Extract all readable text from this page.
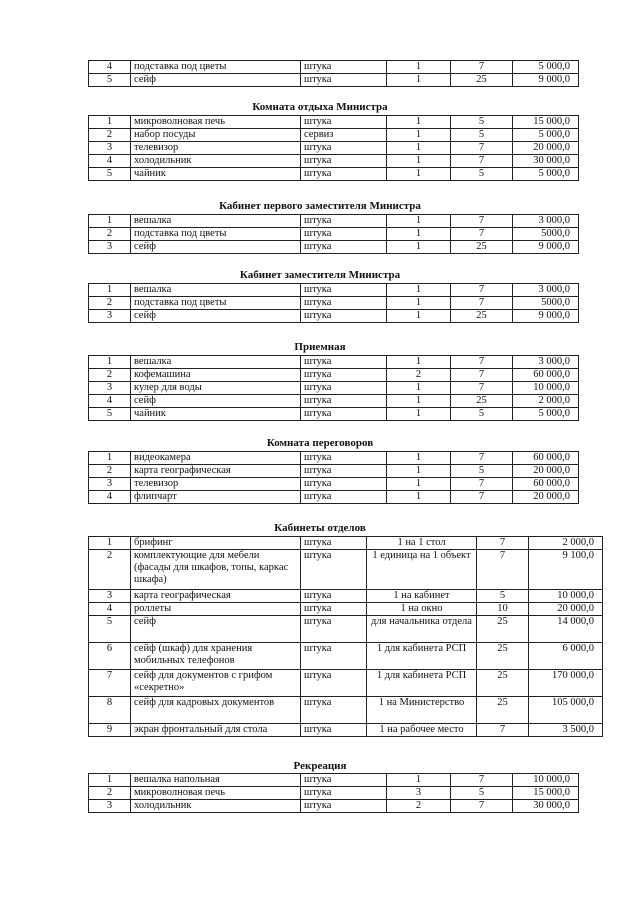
4	подставка под цветы	штука	1	7	5 000,0
5	сейф	штука	1	25	9 000,0
Комната отдыха Министра
1	микроволновая печь	штука	1	5	15 000,0
2	набор посуды	сервиз	1	5	5 000,0
3	телевизор	штука	1	7	20 000,0
4	холодильник	штука	1	7	30 000,0
5	чайник	штука	1	5	5 000,0
Кабинет первого заместителя Министра
1	вешалка	штука	1	7	3 000,0
2	подставка под цветы	штука	1	7	5000,0
3	сейф	штука	1	25	9 000,0
Кабинет заместителя Министра
1	вешалка	штука	1	7	3 000,0
2	подставка под цветы	штука	1	7	5000,0
3	сейф	штука	1	25	9 000,0
Приемная
1	вешалка	штука	1	7	3 000,0
2	кофемашина	штука	2	7	60 000,0
3	кулер для воды	штука	1	7	10 000,0
4	сейф	штука	1	25	2 000,0
5	чайник	штука	1	5	5 000,0
Комната переговоров
1	видеокамера	штука	1	7	60 000,0
2	карта географическая	штука	1	5	20 000,0
3	телевизор	штука	1	7	60 000,0
4	флипчарт	штука	1	7	20 000,0
Кабинеты отделов
1	брифинг	штука	1 на 1 стол	7	2 000,0
2	комплектующие для мебели (фасады для шкафов, топы, каркас шкафа)	штука	1 единица на 1 объект	7	9 100,0
3	карта географическая	штука	1 на кабинет	5	10 000,0
4	роллеты	штука	1 на окно	10	20 000,0
5	сейф	штука	для начальника отдела	25	14 000,0
6	сейф (шкаф) для хранения мобильных телефонов	штука	1 для кабинета РСП	25	6 000,0
7	сейф для документов с грифом «секретно»	штука	1 для кабинета РСП	25	170 000,0
8	сейф для кадровых документов	штука	1 на Министерство	25	105 000,0
9	экран фронтальный для стола	штука	1 на рабочее место	7	3 500,0
Рекреация
1	вешалка напольная	штука	1	7	10 000,0
2	микроволновая печь	штука	3	5	15 000,0
3	холодильник	штука	2	7	30 000,0
